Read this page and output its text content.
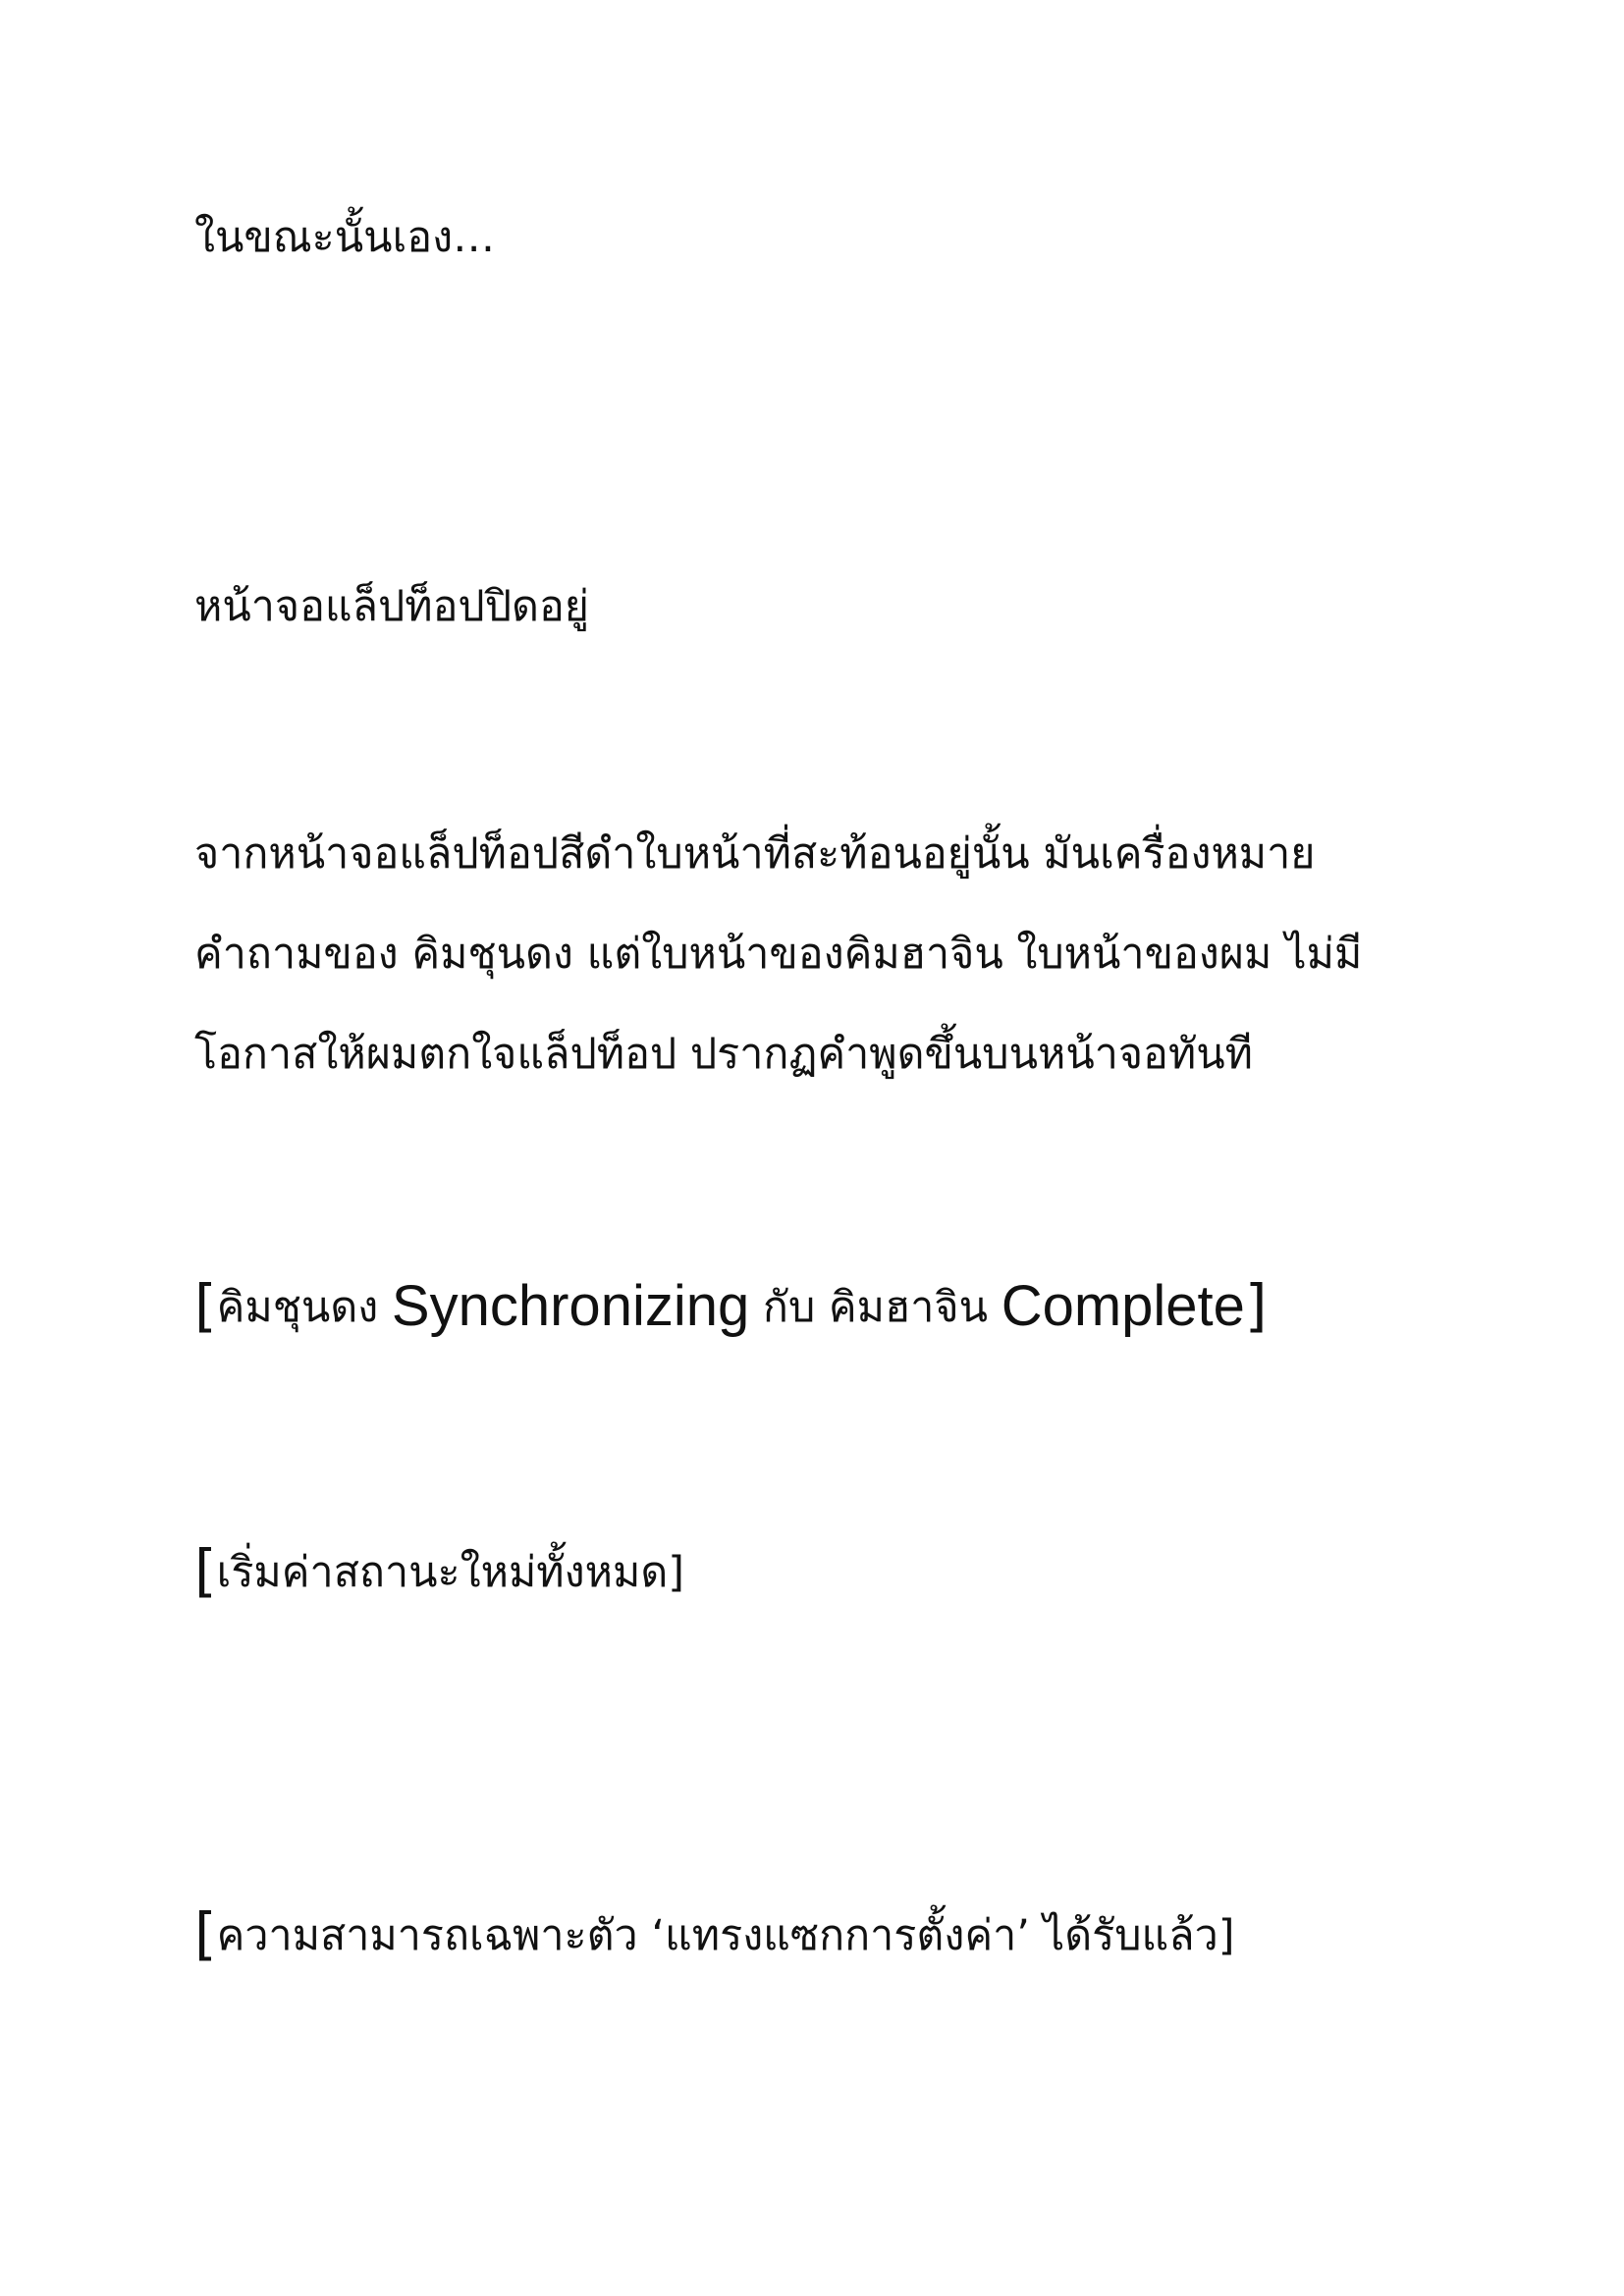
ในขณะนั้นเอง…
หน้าจอแล็ปท็อปปิดอยู่
จากหน้าจอแล็ปท็อปสีดำใบหน้าที่สะท้อนอยู่นั้น มันเครื่องหมาย
คำถามของ คิมชุนดง แต่ใบหน้าของคิมฮาจิน ใบหน้าของผม ไม่มี
โอกาสให้ผมตกใจแล็ปท็อป ปรากฏคำพูดขึ้นบนหน้าจอทันที
[คิมชุนดง Synchronizing กับ คิมฮาจิน Complete]
[เริ่มค่าสถานะใหม่ทั้งหมด]
[ความสามารถเฉพาะตัว ‘แทรงแซกการตั้งค่า’ ได้รับแล้ว]
